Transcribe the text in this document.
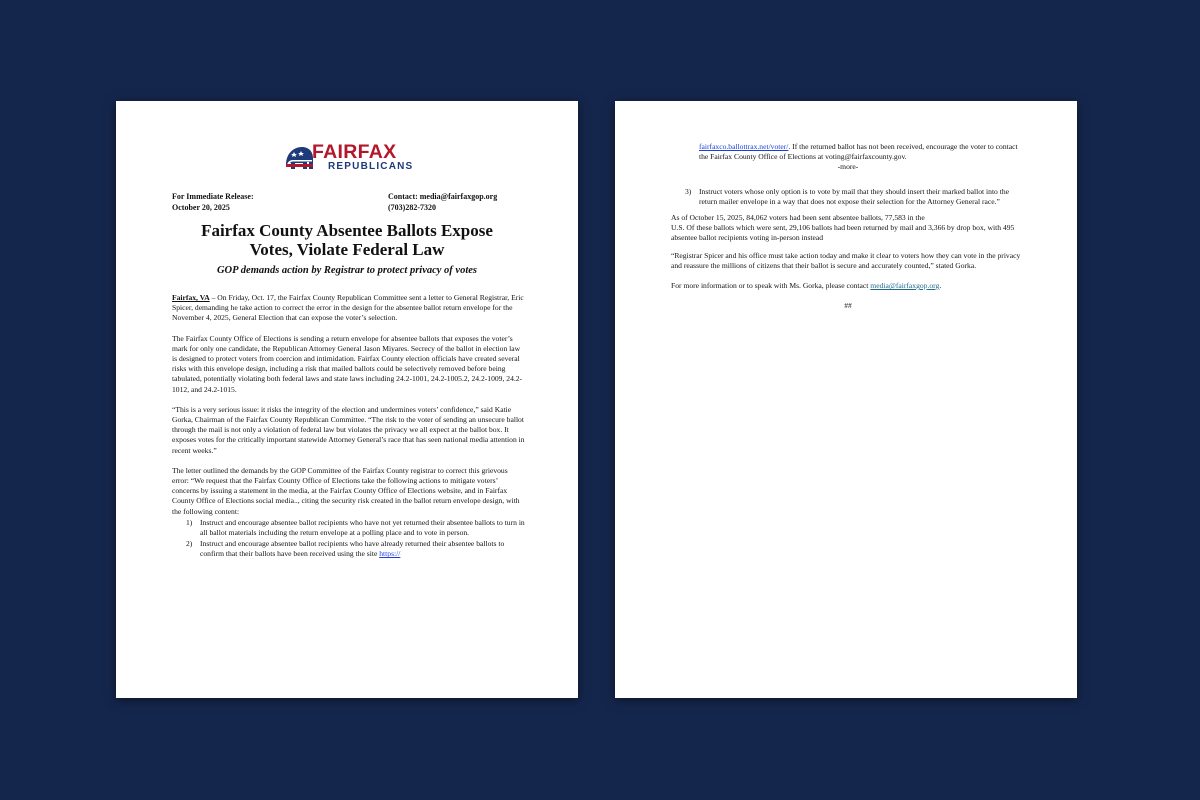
FAIRFAX
REPUBLICANS
For Immediate Release:
October 20, 2025
Contact: media@fairfaxgop.org
(703)282-7320
Fairfax County Absentee Ballots Expose
Votes, Violate Federal Law
GOP demands action by Registrar to protect privacy of votes

Fairfax, VA – On Friday, Oct. 17, the Fairfax County Republican Committee sent a letter to General Registrar, Eric Spicer, demanding he take action to correct the error in the design for the absentee ballot return envelope for the November 4, 2025, General Election that can expose the voter’s selection.

The Fairfax County Office of Elections is sending a return envelope for absentee ballots that exposes the voter’s mark for only one candidate, the Republican Attorney General Jason Miyares. Secrecy of the ballot in election law is designed to protect voters from coercion and intimidation. Fairfax County election officials have created several risks with this envelope design, including a risk that mailed ballots could be selectively removed before being tabulated, potentially violating both federal laws and state laws including 24.2-1001, 24.2-1005.2, 24.2-1009, 24.2-1012, and 24.2-1015.

“This is a very serious issue: it risks the integrity of the election and undermines voters’ confidence,” said Katie Gorka, Chairman of the Fairfax County Republican Committee. “The risk to the voter of sending an unsecure ballot through the mail is not only a violation of federal law but violates the privacy we all expect at the ballot box. It exposes votes for the critically important statewide Attorney General’s race that has seen national media attention in recent weeks.”

The letter outlined the demands by the GOP Committee of the Fairfax County registrar to correct this grievous error: “We request that the Fairfax County Office of Elections take the following actions to mitigate voters’ concerns by issuing a statement in the media, at the Fairfax County Office of Elections website, and in Fairfax County Office of Elections social media.., citing the security risk created in the ballot return envelope design, with the following content:

1) Instruct and encourage absentee ballot recipients who have not yet returned their absentee ballots to turn in all ballot materials including the return envelope at a polling place and to vote in person.
2) Instruct and encourage absentee ballot recipients who have already returned their absentee ballots to confirm that their ballots have been received using the site https://
fairfaxco.ballottrax.net/voter/. If the returned ballot has not been received, encourage the voter to contact the Fairfax County Office of Elections at voting@fairfaxcounty.gov.
-more-
3) Instruct voters whose only option is to vote by mail that they should insert their marked ballot into the return mailer envelope in a way that does not expose their selection for the Attorney General race.”

As of October 15, 2025, 84,062 voters had been sent absentee ballots, 77,583 in the
U.S. Of these ballots which were sent, 29,106 ballots had been returned by mail and 3,366 by drop box, with 495 absentee ballot recipients voting in-person instead

“Registrar Spicer and his office must take action today and make it clear to voters how they can vote in the privacy and reassure the millions of citizens that their ballot is secure and accurately counted,” stated Gorka.

For more information or to speak with Ms. Gorka, please contact media@fairfaxgop.org.

##
